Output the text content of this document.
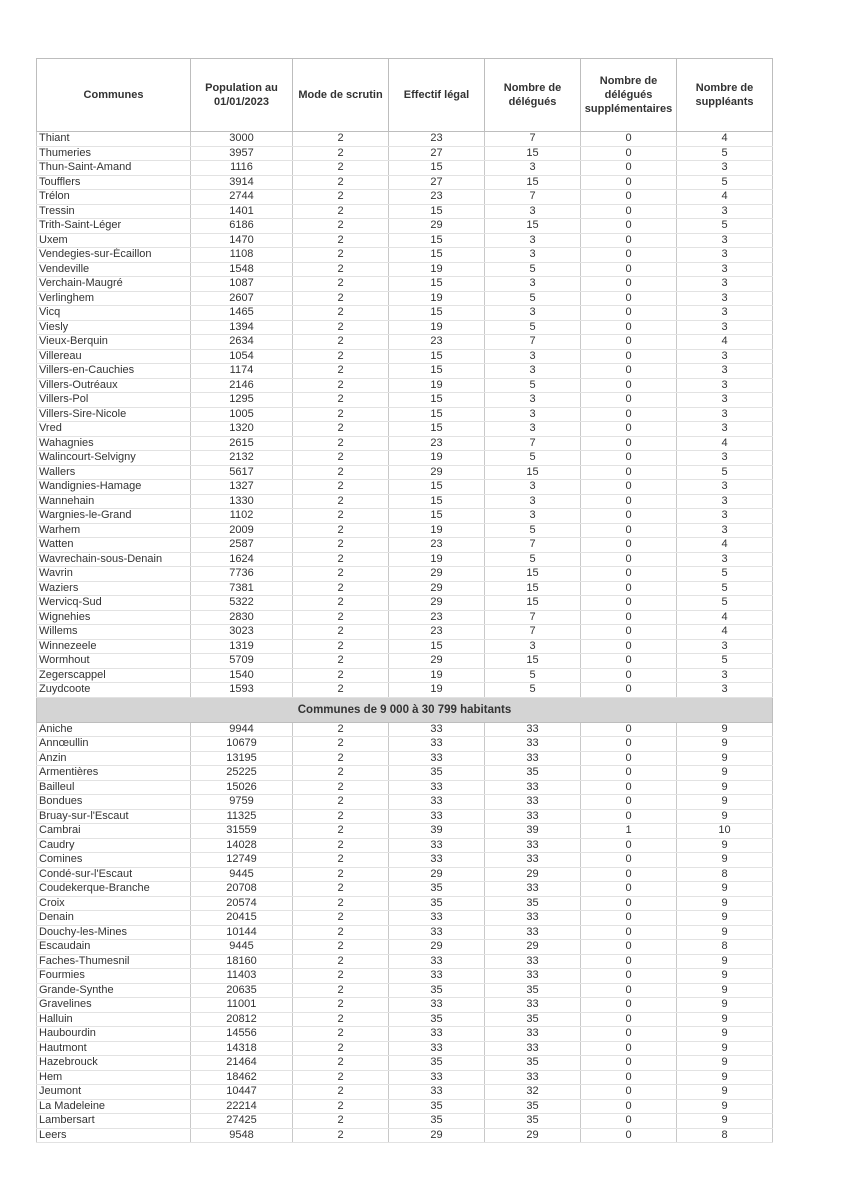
Communes	Population au 01/01/2023	Mode de scrutin	Effectif légal	Nombre de délégués	Nombre de délégués supplémentaires	Nombre de suppléants
Thiant	3000	2	23	7	0	4
Thumeries	3957	2	27	15	0	5
Thun-Saint-Amand	1116	2	15	3	0	3
Toufflers	3914	2	27	15	0	5
Trélon	2744	2	23	7	0	4
Tressin	1401	2	15	3	0	3
Trith-Saint-Léger	6186	2	29	15	0	5
Uxem	1470	2	15	3	0	3
Vendegies-sur-Écaillon	1108	2	15	3	0	3
Vendeville	1548	2	19	5	0	3
Verchain-Maugré	1087	2	15	3	0	3
Verlinghem	2607	2	19	5	0	3
Vicq	1465	2	15	3	0	3
Viesly	1394	2	19	5	0	3
Vieux-Berquin	2634	2	23	7	0	4
Villereau	1054	2	15	3	0	3
Villers-en-Cauchies	1174	2	15	3	0	3
Villers-Outréaux	2146	2	19	5	0	3
Villers-Pol	1295	2	15	3	0	3
Villers-Sire-Nicole	1005	2	15	3	0	3
Vred	1320	2	15	3	0	3
Wahagnies	2615	2	23	7	0	4
Walincourt-Selvigny	2132	2	19	5	0	3
Wallers	5617	2	29	15	0	5
Wandignies-Hamage	1327	2	15	3	0	3
Wannehain	1330	2	15	3	0	3
Wargnies-le-Grand	1102	2	15	3	0	3
Warhem	2009	2	19	5	0	3
Watten	2587	2	23	7	0	4
Wavrechain-sous-Denain	1624	2	19	5	0	3
Wavrin	7736	2	29	15	0	5
Waziers	7381	2	29	15	0	5
Wervicq-Sud	5322	2	29	15	0	5
Wignehies	2830	2	23	7	0	4
Willems	3023	2	23	7	0	4
Winnezeele	1319	2	15	3	0	3
Wormhout	5709	2	29	15	0	5
Zegerscappel	1540	2	19	5	0	3
Zuydcoote	1593	2	19	5	0	3
Communes de 9 000 à 30 799 habitants						
Aniche	9944	2	33	33	0	9
Annœullin	10679	2	33	33	0	9
Anzin	13195	2	33	33	0	9
Armentières	25225	2	35	35	0	9
Bailleul	15026	2	33	33	0	9
Bondues	9759	2	33	33	0	9
Bruay-sur-l'Escaut	11325	2	33	33	0	9
Cambrai	31559	2	39	39	1	10
Caudry	14028	2	33	33	0	9
Comines	12749	2	33	33	0	9
Condé-sur-l'Escaut	9445	2	29	29	0	8
Coudekerque-Branche	20708	2	35	33	0	9
Croix	20574	2	35	35	0	9
Denain	20415	2	33	33	0	9
Douchy-les-Mines	10144	2	33	33	0	9
Escaudain	9445	2	29	29	0	8
Faches-Thumesnil	18160	2	33	33	0	9
Fourmies	11403	2	33	33	0	9
Grande-Synthe	20635	2	35	35	0	9
Gravelines	11001	2	33	33	0	9
Halluin	20812	2	35	35	0	9
Haubourdin	14556	2	33	33	0	9
Hautmont	14318	2	33	33	0	9
Hazebrouck	21464	2	35	35	0	9
Hem	18462	2	33	33	0	9
Jeumont	10447	2	33	32	0	9
La Madeleine	22214	2	35	35	0	9
Lambersart	27425	2	35	35	0	9
Leers	9548	2	29	29	0	8
